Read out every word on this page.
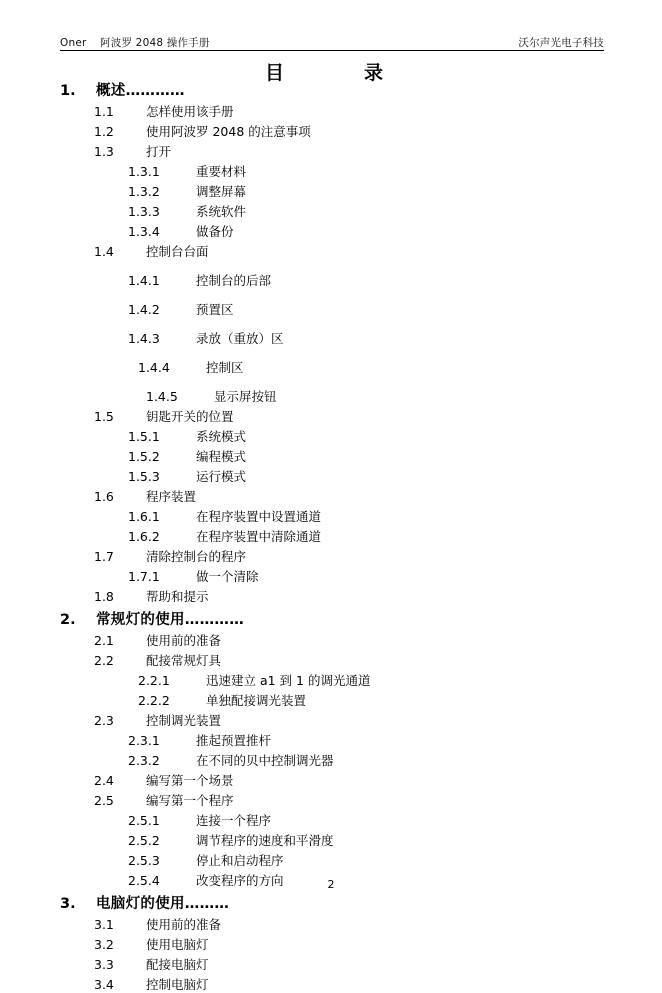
Oner 阿波罗 2048 操作手册	沃尔声光电子科技
目　　录
1.	概述…………
1.1	怎样使用该手册
1.2	使用阿波罗 2048 的注意事项
1.3	打开
1.3.1	重要材料
1.3.2	调整屏幕
1.3.3	系统软件
1.3.4	做备份
1.4	控制台台面
1.4.1	控制台的后部
1.4.2	预置区
1.4.3	录放（重放）区
1.4.4	控制区
1.4.5	显示屏按钮
1.5	钥匙开关的位置
1.5.1	系统模式
1.5.2	编程模式
1.5.3	运行模式
1.6	程序装置
1.6.1	在程序装置中设置通道
1.6.2	在程序装置中清除通道
1.7	清除控制台的程序
1.7.1	做一个清除
1.8	帮助和提示
2.	常规灯的使用…………
2.1	使用前的准备
2.2	配接常规灯具
2.2.1	迅速建立 a1 到 1 的调光通道
2.2.2	单独配接调光装置
2.3	控制调光装置
2.3.1	推起预置推杆
2.3.2	在不同的贝中控制调光器
2.4	编写第一个场景
2.5	编写第一个程序
2.5.1	连接一个程序
2.5.2	调节程序的速度和平滑度
2.5.3	停止和启动程序
2.5.4	改变程序的方向
3.	电脑灯的使用………
3.1	使用前的准备
3.2	使用电脑灯
3.3	配接电脑灯
3.4	控制电脑灯
2
